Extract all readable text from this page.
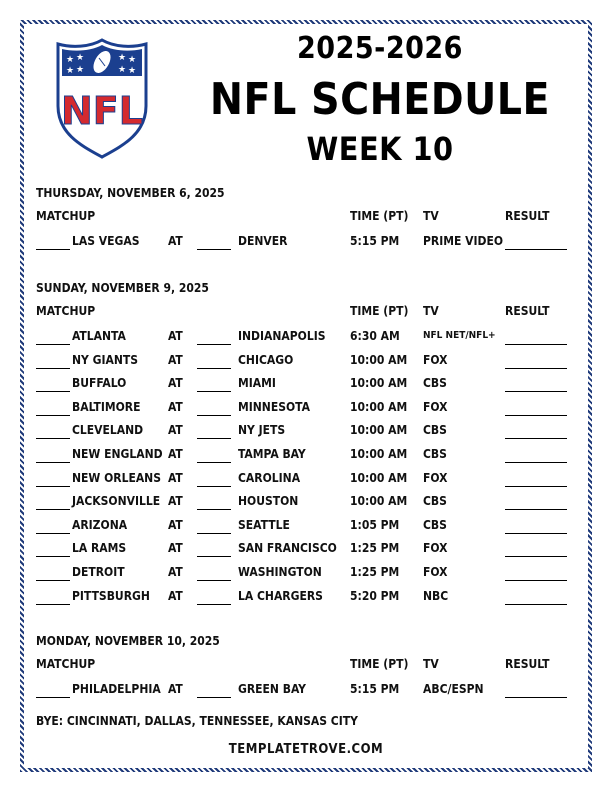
★ ★
★ ★
★ ★
★ ★
NFL
2025-2026
NFL SCHEDULE
WEEK 10
THURSDAY, NOVEMBER 6, 2025
MATCHUP	TIME (PT) TV	RESULT
LAS VEGAS AT	DENVER	5:15 PM PRIME VIDEO
SUNDAY, NOVEMBER 9, 2025
MATCHUP	TIME (PT) TV	RESULT
ATLANTA	AT	INDIANAPOLIS 6:30 AM NFL NET/NFL+
NY GIANTS AT	CHICAGO	10:00 AM FOX
BUFFALO	AT	MIAMI	10:00 AM CBS
BALTIMORE AT	MINNESOTA	10:00 AM FOX
CLEVELAND AT	NY JETS	10:00 AM CBS
NEW ENGLAND AT	TAMPA BAY	10:00 AM CBS
NEW ORLEANS AT	CAROLINA	10:00 AM FOX
JACKSONVILLE AT	HOUSTON	10:00 AM CBS
ARIZONA	AT	SEATTLE	1:05 PM CBS
LA RAMS	AT	SAN FRANCISCO 1:25 PM FOX
DETROIT	AT	WASHINGTON 1:25 PM FOX
PITTSBURGH AT	LA CHARGERS 5:20 PM NBC
MONDAY, NOVEMBER 10, 2025
MATCHUP	TIME (PT) TV	RESULT
PHILADELPHIA AT	GREEN BAY	5:15 PM ABC/ESPN
BYE: CINCINNATI, DALLAS, TENNESSEE, KANSAS CITY
TEMPLATETROVE.COM
